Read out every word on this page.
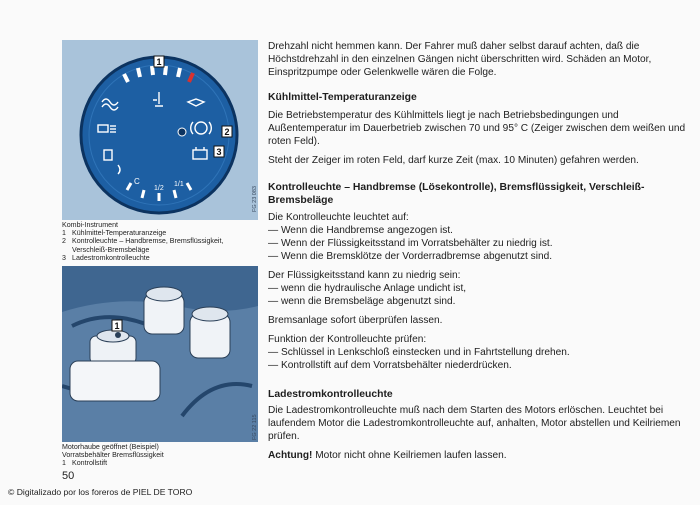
C
1/2
1/1
1
2
3
FG 23 083
Kombi-Instrument
1 Kühlmittel-Temperaturanzeige
2 Kontrolleuchte – Handbremse, Bremsflüssigkeit,
Verschleiß-Bremsbeläge
3 Ladestromkontrolleuchte
1
FG 22 115
Motorhaube geöffnet (Beispiel)
Vorratsbehälter Bremsflüssigkeit
1 Kontrollstift
50
© Digitalizado por los foreros de PIEL DE TORO

Drehzahl nicht hemmen kann. Der Fahrer muß daher selbst darauf achten, daß die Höchstdrehzahl in den einzelnen Gängen nicht überschritten wird. Schäden an Motor, Einspritzpumpe oder Gelenkwelle wären die Folge.

Kühlmittel-Temperaturanzeige

Die Betriebstemperatur des Kühlmittels liegt je nach Betriebsbedingungen und Außentemperatur im Dauerbetrieb zwischen 70 und 95° C (Zeiger zwischen dem weißen und roten Feld).

Steht der Zeiger im roten Feld, darf kurze Zeit (max. 10 Minuten) gefahren werden.

Kontrolleuchte – Handbremse (Lösekontrolle), Bremsflüssigkeit, Verschleiß-Bremsbeläge

Die Kontrolleuchte leuchtet auf:

— Wenn die Handbremse angezogen ist.
— Wenn der Flüssigkeitsstand im Vorratsbehälter zu niedrig ist.
— Wenn die Bremsklötze der Vorderradbremse abgenutzt sind.

Der Flüssigkeitsstand kann zu niedrig sein:

— wenn die hydraulische Anlage undicht ist,
— wenn die Bremsbeläge abgenutzt sind.

Bremsanlage sofort überprüfen lassen.

Funktion der Kontrolleuchte prüfen:

— Schlüssel in Lenkschloß einstecken und in Fahrtstellung drehen.
— Kontrollstift auf dem Vorratsbehälter niederdrücken.

Ladestromkontrolleuchte

Die Ladestromkontrolleuchte muß nach dem Starten des Motors erlöschen. Leuchtet bei laufendem Motor die Ladestromkontrolleuchte auf, anhalten, Motor abstellen und Keilriemen prüfen.

Achtung! Motor nicht ohne Keilriemen laufen lassen.
